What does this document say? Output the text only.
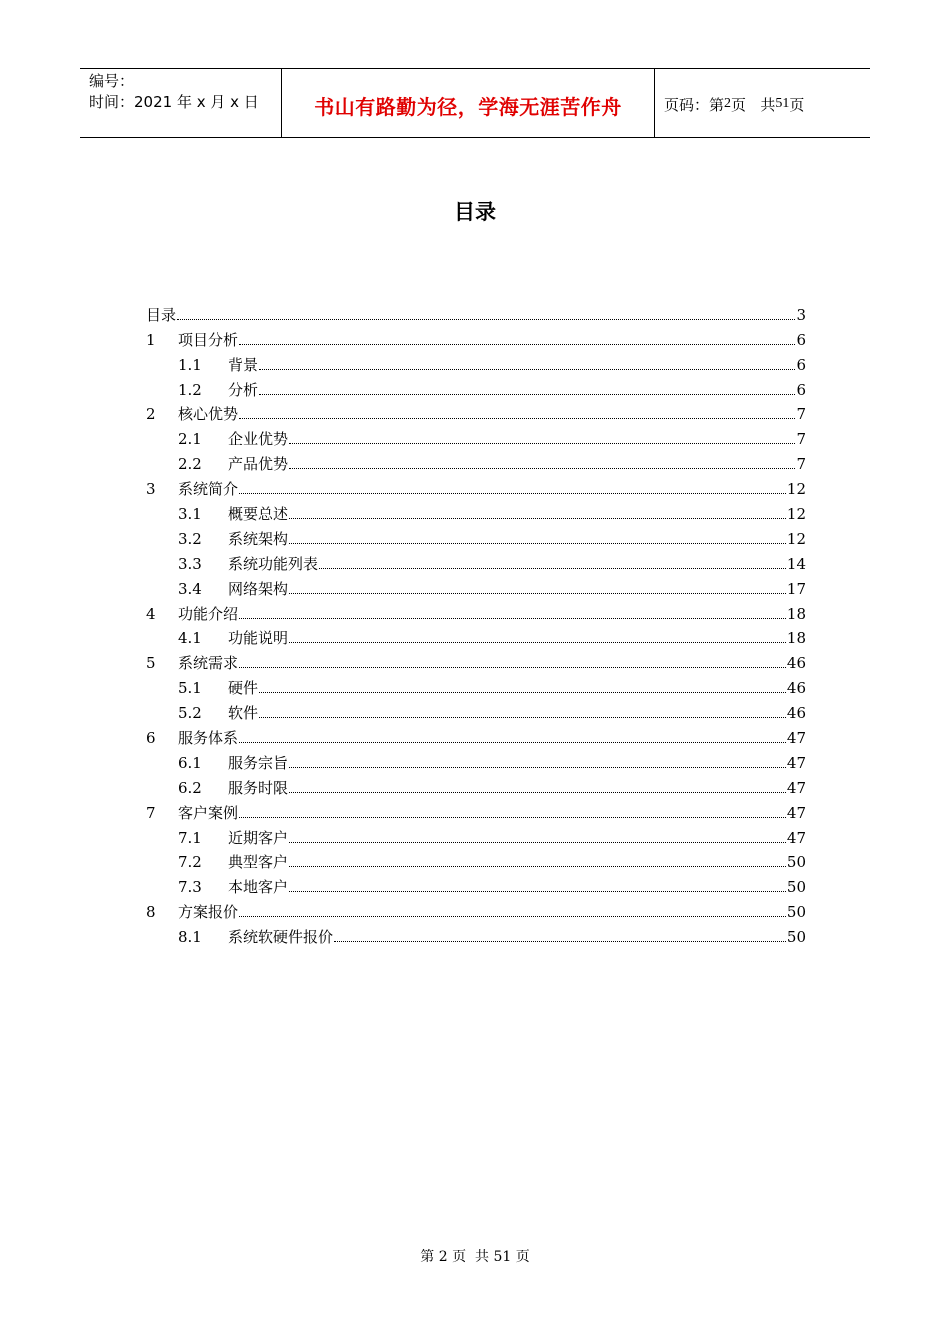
编号：
时间：2021 年 x 月 x 日	书山有路勤为径，学海无涯苦作舟	页码：第 2 页   共 51 页
目录
目录	3
1	项目分析	6
1.1	背景	6
1.2	分析	6
2	核心优势	7
2.1	企业优势	7
2.2	产品优势	7
3	系统简介	12
3.1	概要总述	12
3.2	系统架构	12
3.3	系统功能列表	14
3.4	网络架构	17
4	功能介绍	18
4.1	功能说明	18
5	系统需求	46
5.1	硬件	46
5.2	软件	46
6	服务体系	47
6.1	服务宗旨	47
6.2	服务时限	47
7	客户案例	47
7.1	近期客户	47
7.2	典型客户	50
7.3	本地客户	50
8	方案报价	50
8.1	系统软硬件报价	50
第 2 页  共 51 页
